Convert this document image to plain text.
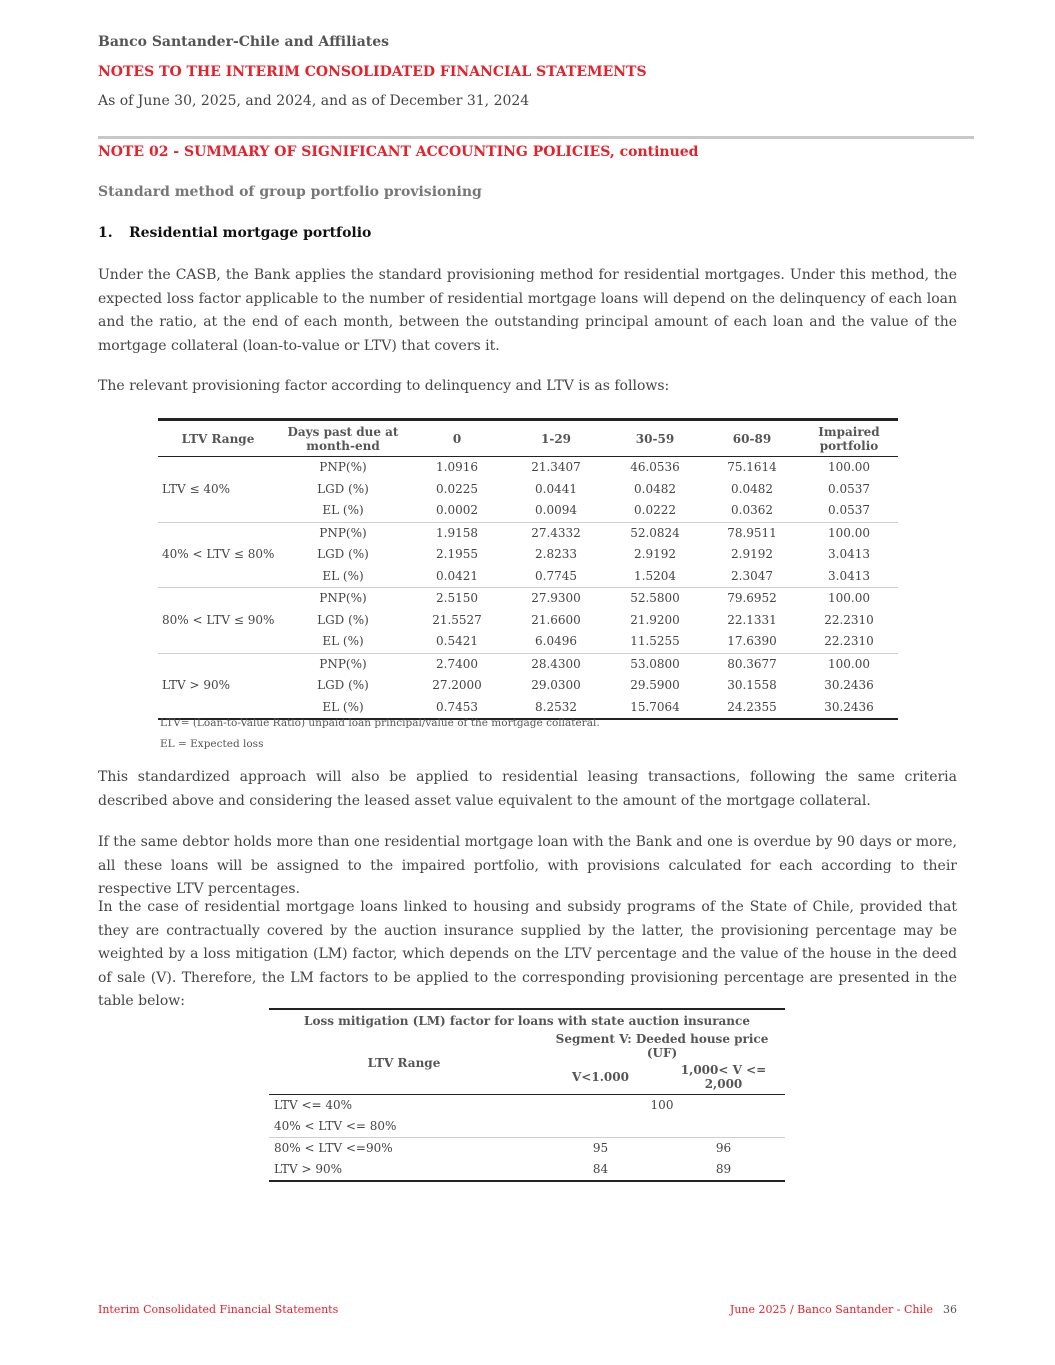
Banco Santander-Chile and Affiliates
NOTES TO THE INTERIM CONSOLIDATED FINANCIAL STATEMENTS
As of June 30, 2025, and 2024, and as of December 31, 2024
NOTE 02 - SUMMARY OF SIGNIFICANT ACCOUNTING POLICIES, continued
Standard method of group portfolio provisioning
1. Residential mortgage portfolio
Under the CASB, the Bank applies the standard provisioning method for residential mortgages. Under this method, the expected loss factor applicable to the number of residential mortgage loans will depend on the delinquency of each loan and the ratio, at the end of each month, between the outstanding principal amount of each loan and the value of the mortgage collateral (loan-to-value or LTV) that covers it.
The relevant provisioning factor according to delinquency and LTV is as follows:
This standardized approach will also be applied to residential leasing transactions, following the same criteria described above and considering the leased asset value equivalent to the amount of the mortgage collateral.
If the same debtor holds more than one residential mortgage loan with the Bank and one is overdue by 90 days or more, all these loans will be assigned to the impaired portfolio, with provisions calculated for each according to their respective LTV percentages.
In the case of residential mortgage loans linked to housing and subsidy programs of the State of Chile, provided that they are contractually covered by the auction insurance supplied by the latter, the provisioning percentage may be weighted by a loss mitigation (LM) factor, which depends on the LTV percentage and the value of the house in the deed of sale (V). Therefore, the LM factors to be applied to the corresponding provisioning percentage are presented in the table below:
LTV Range	Days past due at month-end	0	1-29	30-59	60-89	Impaired portfolio
LTV ≤ 40%	PNP(%)	1.0916	21.3407	46.0536	75.1614	100.00
	LGD (%)	0.0225	0.0441	0.0482	0.0482	0.0537
	EL (%)	0.0002	0.0094	0.0222	0.0362	0.0537
40% < LTV ≤ 80%	PNP(%)	1.9158	27.4332	52.0824	78.9511	100.00
	LGD (%)	2.1955	2.8233	2.9192	2.9192	3.0413
	EL (%)	0.0421	0.7745	1.5204	2.3047	3.0413
80% < LTV ≤ 90%	PNP(%)	2.5150	27.9300	52.5800	79.6952	100.00
	LGD (%)	21.5527	21.6600	21.9200	22.1331	22.2310
	EL (%)	0.5421	6.0496	11.5255	17.6390	22.2310
LTV > 90%	PNP(%)	2.7400	28.4300	53.0800	80.3677	100.00
	LGD (%)	27.2000	29.0300	29.5900	30.1558	30.2436
	EL (%)	0.7453	8.2532	15.7064	24.2355	30.2436
LTV= (Loan-to-Value Ratio) unpaid loan principal/value of the mortgage collateral.
EL = Expected loss
Loss mitigation (LM) factor for loans with state auction insurance		
LTV Range	Segment V: Deeded house price (UF)	
	V<1.000	1,000< V <= 2,000
LTV <= 40%	100	
40% < LTV <= 80%		
80% < LTV <=90%	95	96
LTV > 90%	84	89
Interim Consolidated Financial Statements	June 2025 / Banco Santander - Chile 36
